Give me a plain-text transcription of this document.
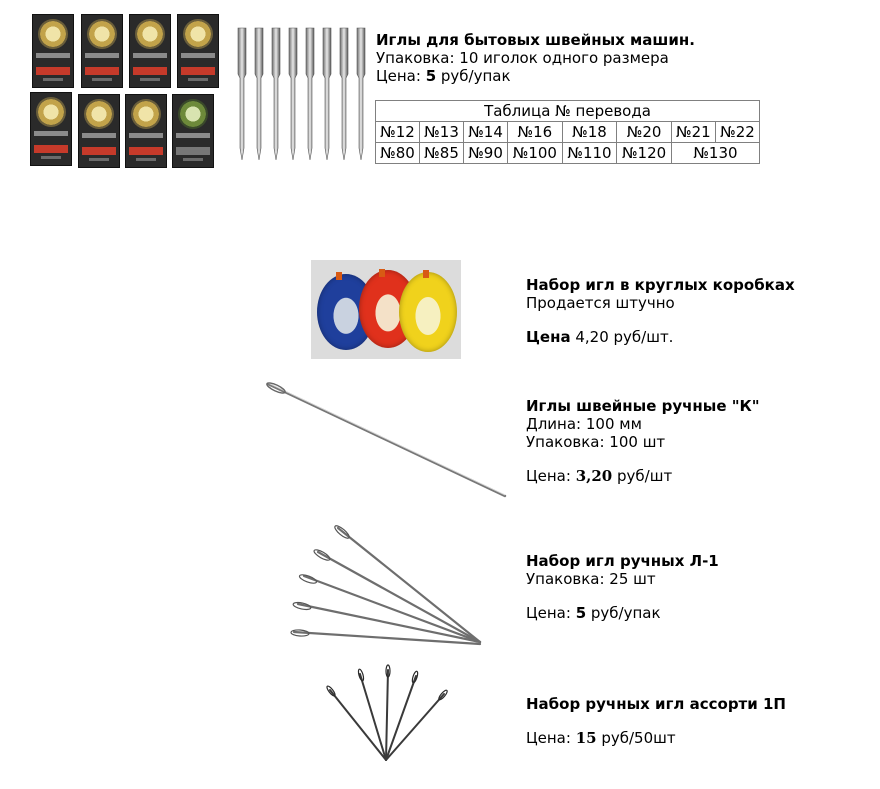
Иглы для бытовых швейных машин.
Упаковка: 10 иголок одного размера
Цена: 5 руб/упак
Таблица № перевода							
№12	№13	№14	№16	№18	№20	№21	№22
№80	№85	№90	№100	№110	№120	№130	
Набор игл в круглых коробках
Продается штучно
Цена 4,20 руб/шт.
Иглы швейные ручные "К"
Длина: 100 мм
Упаковка: 100 шт
Цена: 3,20 руб/шт
Набор игл ручных Л-1
Упаковка: 25 шт
Цена: 5 руб/упак
Набор ручных игл ассорти 1П
Цена: 15 руб/50шт
